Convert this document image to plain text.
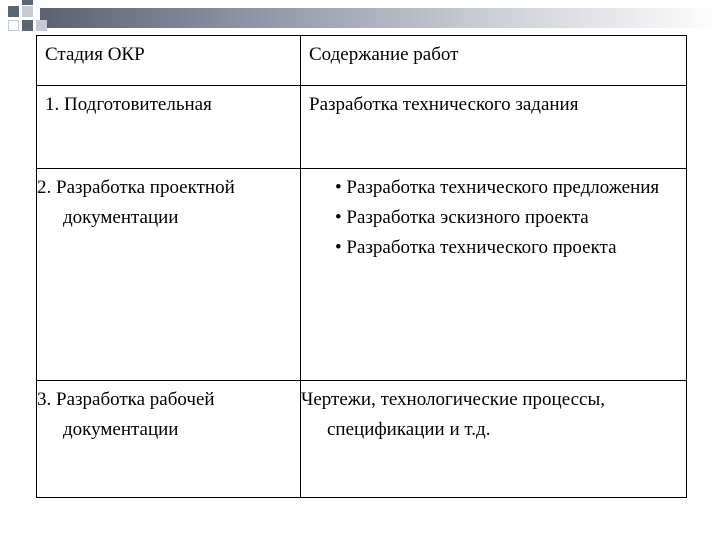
Стадия ОКР	Содержание работ
1. Подготовительная	Разработка технического задания
2. Разработка проектной документации	• Разработка технического предложения
• Разработка эскизного проекта
• Разработка технического проекта

3. Разработка рабочей документации	Чертежи, технологические процессы, спецификации и т.д.
